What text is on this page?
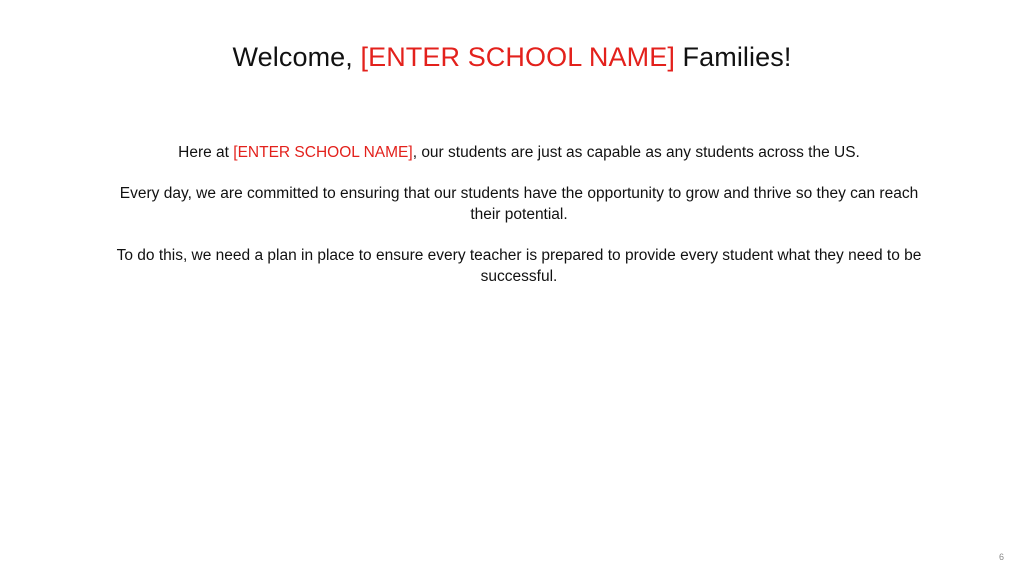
Welcome, [ENTER SCHOOL NAME] Families!

Here at [ENTER SCHOOL NAME], our students are just as capable as any students across the US.

Every day, we are committed to ensuring that our students have the opportunity to grow and thrive so they can reach their potential.

To do this, we need a plan in place to ensure every teacher is prepared to provide every student what they need to be successful.

6
